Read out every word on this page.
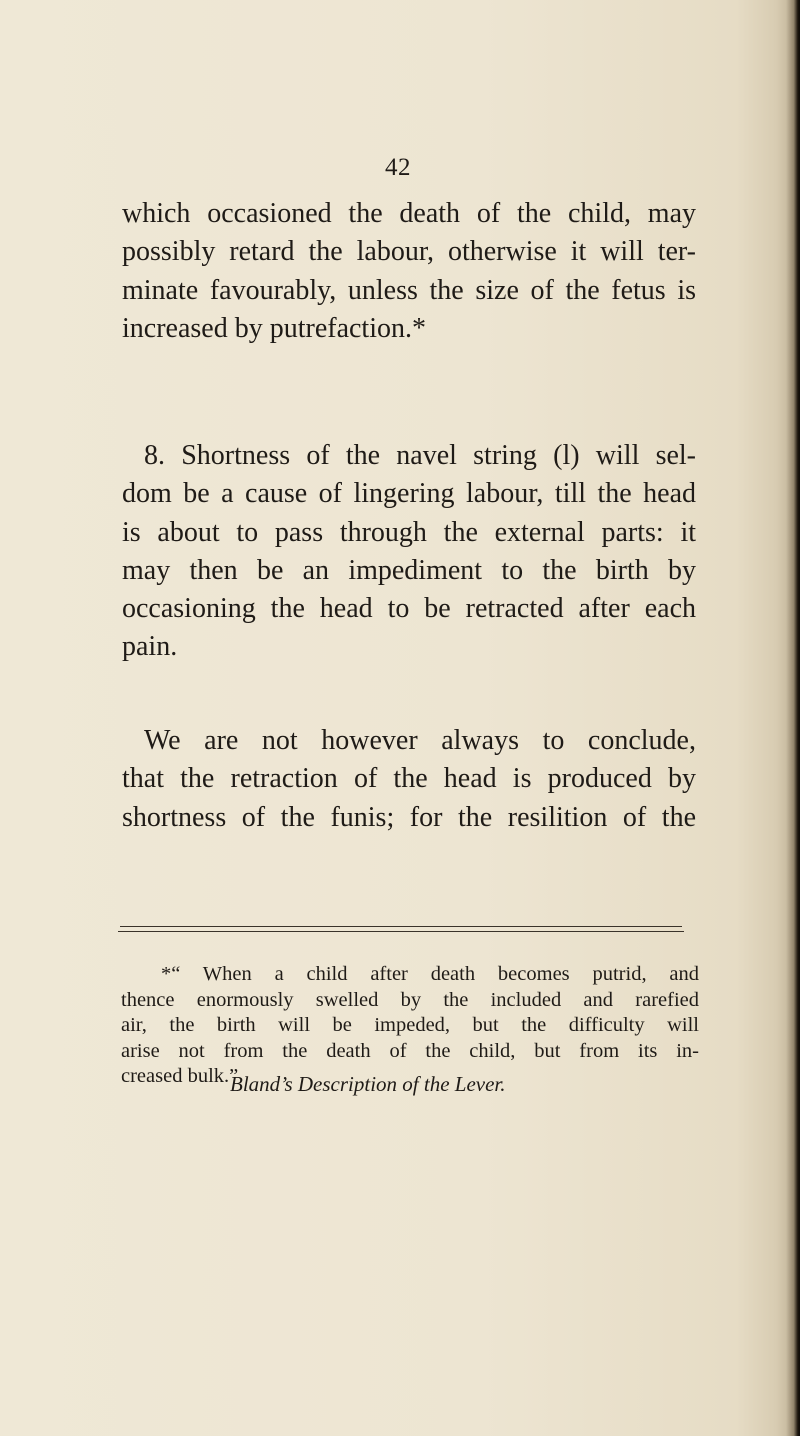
42
which occasioned the death of the child, may
possibly retard the labour, otherwise it will ter-
minate favourably, unless the size of the fetus is
increased by putrefaction.*
8. Shortness of the navel string (l) will sel-
dom be a cause of lingering labour, till the head
is about to pass through the external parts: it
may then be an impediment to the birth by
occasioning the head to be retracted after each
pain.
We are not however always to conclude,
that the retraction of the head is produced by
shortness of the funis; for the resilition of the
*“ When a child after death becomes putrid, and
thence enormously swelled by the included and rarefied
air, the birth will be impeded, but the difficulty will
arise not from the death of the child, but from its in-
creased bulk.”
Bland’s Description of the Lever.
